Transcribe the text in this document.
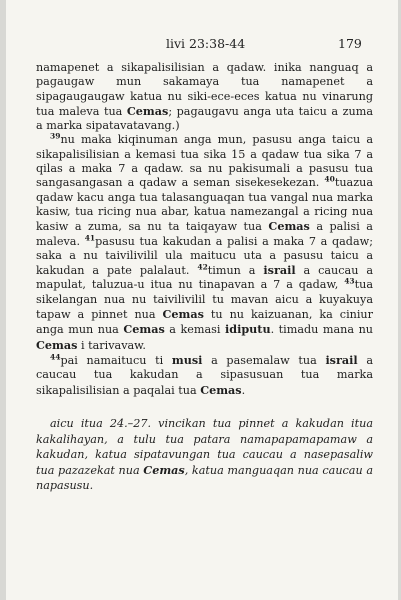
livi 23:38-44	179

namapenet a sikapalisilisian a qadaw. inika nanguaq a pagaugaw mun sakamaya tua namapenet a sipagaugaugaw katua nu siki-ece-eces katua nu vinarung tua maleva tua Cemas; pagaugavu anga uta taicu a zuma a marka sipatavatavang.)

$^{39}$nu maka kiqinuman anga mun, pasusu anga taicu a sikapalisilisian a kemasi tua sika 15 a qadaw tua sika 7 a qilas a maka 7 a qadaw. sa nu pakisumali a pasusu tua sangasangasan a qadaw a seman sisekesekezan. $^{40}$tuazua qadaw kacu anga tua talasanguaqan tua vangal nua marka kasiw, tua ricing nua abar, katua namezangal a ricing nua kasiw a zuma, sa nu ta taiqayaw tua Cemas a palisi a maleva. $^{41}$pasusu tua kakudan a palisi a maka 7 a qadaw; saka a nu taivilivilil ula maitucu uta a pasusu taicu a kakudan a pate palalaut. $^{42}$timun a israil a caucau a mapulat, taluzua-u itua nu tinapavan a 7 a qadaw, $^{43}$tua sikelangan nua nu taivilivilil tu mavan aicu a kuyakuya tapaw a pinnet nua Cemas tu nu kaizuanan, ka ciniur anga mun nua Cemas a kemasi idiputu. timadu mana nu Cemas i tarivavaw.

$^{44}$pai namaitucu ti musi a pasemalaw tua israil a caucau tua kakudan a sipasusuan tua marka sikapalisilisian a paqalai tua Cemas.

aicu itua 24.–27. vincikan tua pinnet a kakudan itua kakalihayan, a tulu tua patara namapapamapamaw a kakudan, katua sipatavungan tua caucau a nasepasaliw tua pazazekat nua Cemas, katua manguaqan nua caucau a napasusu.
